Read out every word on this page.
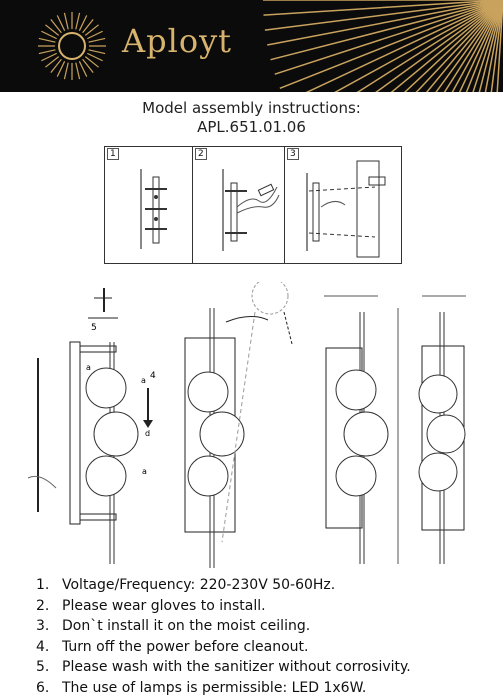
Aployt
Model assembly instructions:
APL.651.01.06
1	2	3
5
4
a
a
d
a
1. Voltage/Frequency: 220-230V 50-60Hz.
2. Please wear gloves to install.
3. Don`t install it on the moist ceiling.
4. Turn off the power before cleanout.
5. Please wash with the sanitizer without corrosivity.
6. The use of lamps is permissible: LED 1x6W.
